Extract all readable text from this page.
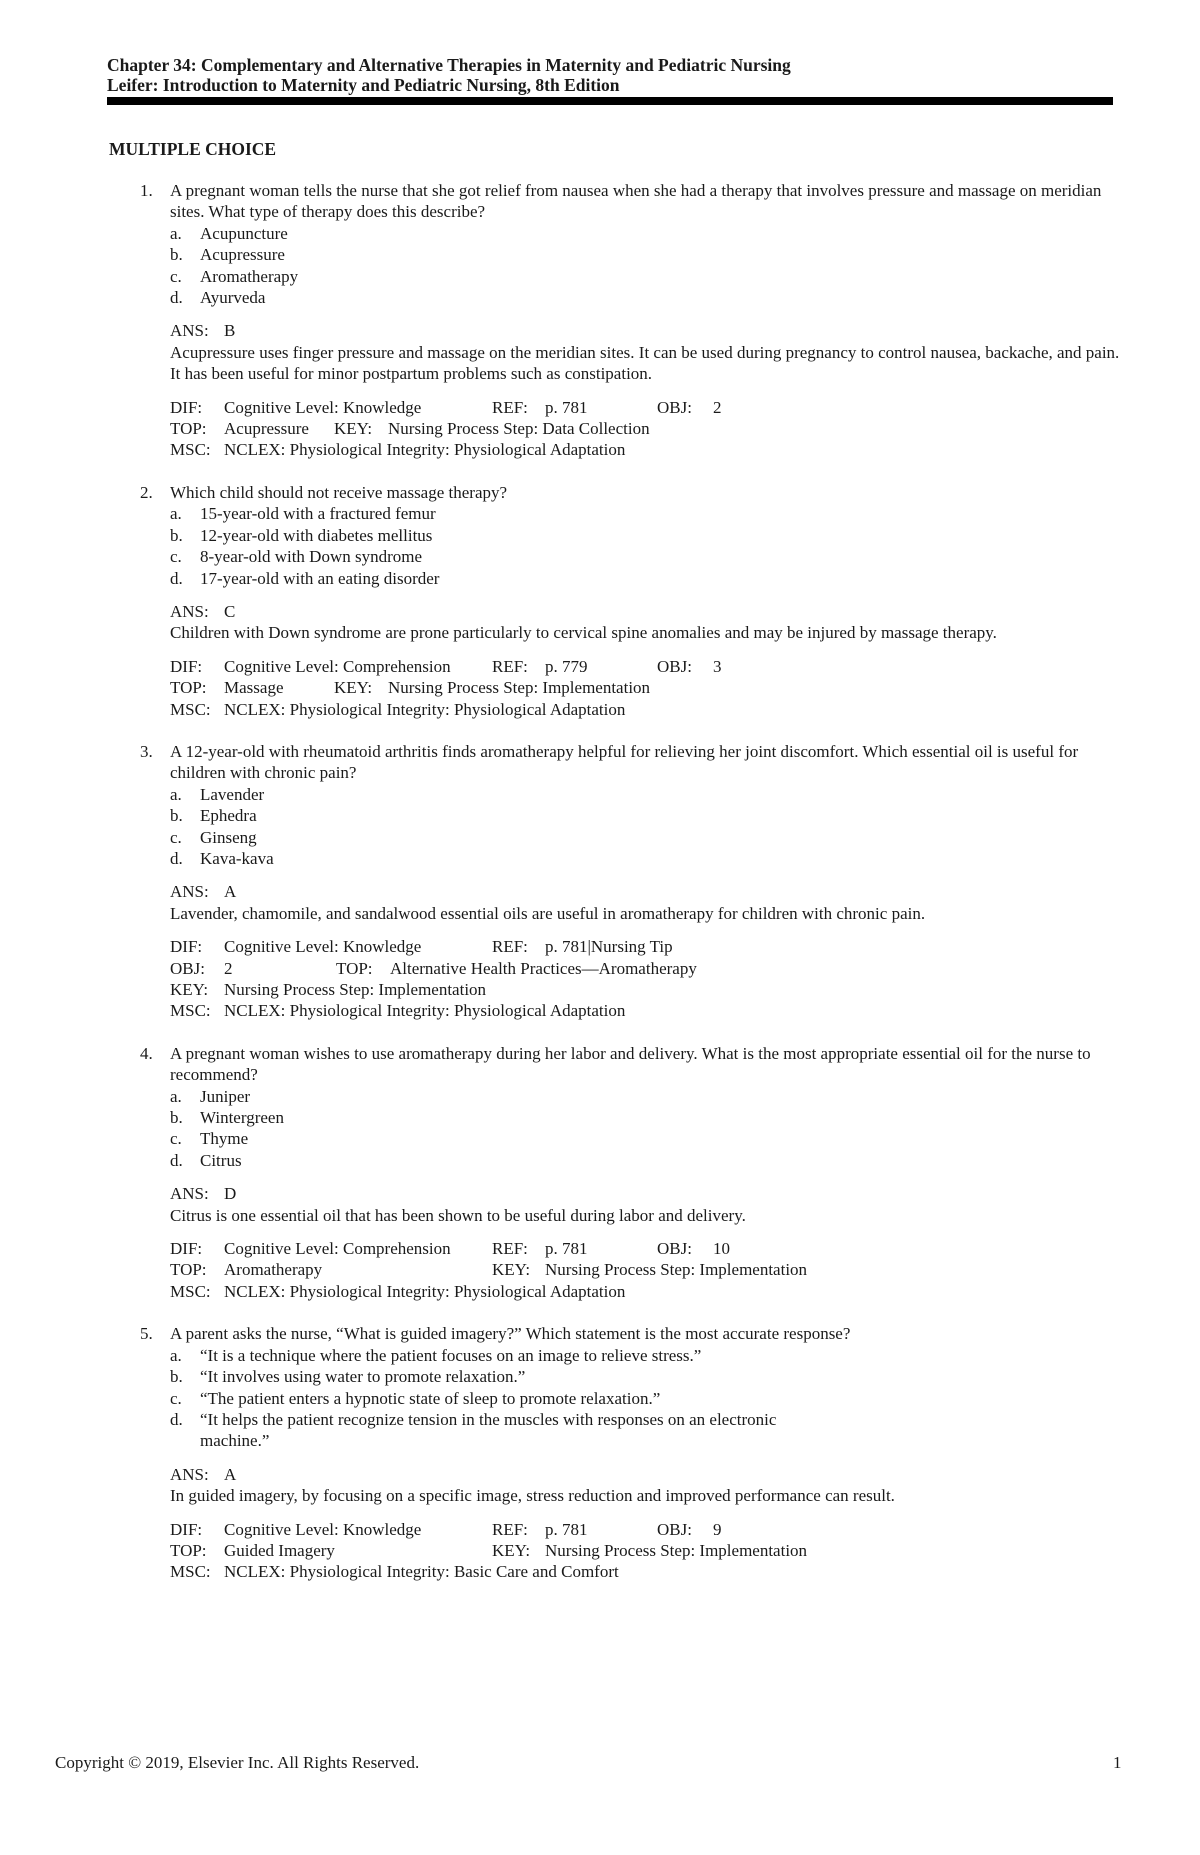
Chapter 34: Complementary and Alternative Therapies in Maternity and Pediatric Nursing
Leifer: Introduction to Maternity and Pediatric Nursing, 8th Edition
MULTIPLE CHOICE
1.	A pregnant woman tells the nurse that she got relief from nausea when she had a therapy that involves pressure and massage on meridian sites. What type of therapy does this describe?

a.	Acupuncture
b.	Acupressure
c.	Aromatherapy
d.	Ayurveda
ANS: B
Acupressure uses finger pressure and massage on the meridian sites. It can be used during pregnancy to control nausea, backache, and pain. It has been useful for minor postpartum problems such as constipation.
DIF:	Cognitive Level: Knowledge	REF:	p. 781	OBJ:	2
TOP:	Acupressure	KEY: Nursing Process Step: Data Collection
MSC: NCLEX: Physiological Integrity: Physiological Adaptation
2.	Which child should not receive massage therapy?

a.	15-year-old with a fractured femur
b.	12-year-old with diabetes mellitus
c.	8-year-old with Down syndrome
d.	17-year-old with an eating disorder
ANS: C
Children with Down syndrome are prone particularly to cervical spine anomalies and may be injured by massage therapy.
DIF:	Cognitive Level: Comprehension	REF:	p. 779	OBJ:	3
TOP:	Massage	KEY: Nursing Process Step: Implementation
MSC: NCLEX: Physiological Integrity: Physiological Adaptation
3.	A 12-year-old with rheumatoid arthritis finds aromatherapy helpful for relieving her joint discomfort. Which essential oil is useful for children with chronic pain?

a.	Lavender
b.	Ephedra
c.	Ginseng
d.	Kava-kava
ANS: A
Lavender, chamomile, and sandalwood essential oils are useful in aromatherapy for children with chronic pain.
DIF:	Cognitive Level: Knowledge	REF:	p. 781|Nursing Tip
OBJ:	2	TOP:	Alternative Health Practices—Aromatherapy
KEY: Nursing Process Step: Implementation
MSC: NCLEX: Physiological Integrity: Physiological Adaptation
4.	A pregnant woman wishes to use aromatherapy during her labor and delivery. What is the most appropriate essential oil for the nurse to recommend?

a.	Juniper
b.	Wintergreen
c.	Thyme
d.	Citrus
ANS: D
Citrus is one essential oil that has been shown to be useful during labor and delivery.
DIF:	Cognitive Level: Comprehension	REF:	p. 781	OBJ:	10
TOP:	Aromatherapy	KEY: Nursing Process Step: Implementation
MSC: NCLEX: Physiological Integrity: Physiological Adaptation
5.	A parent asks the nurse, “What is guided imagery?” Which statement is the most accurate response?

a.	“It is a technique where the patient focuses on an image to relieve stress.”
b.	“It involves using water to promote relaxation.”
c.	“The patient enters a hypnotic state of sleep to promote relaxation.”
d.	“It helps the patient recognize tension in the muscles with responses on an electronic machine.”
ANS: A
In guided imagery, by focusing on a specific image, stress reduction and improved performance can result.
DIF:	Cognitive Level: Knowledge	REF:	p. 781	OBJ:	9
TOP:	Guided Imagery	KEY: Nursing Process Step: Implementation
MSC: NCLEX: Physiological Integrity: Basic Care and Comfort
Copyright © 2019, Elsevier Inc. All Rights Reserved.	1
